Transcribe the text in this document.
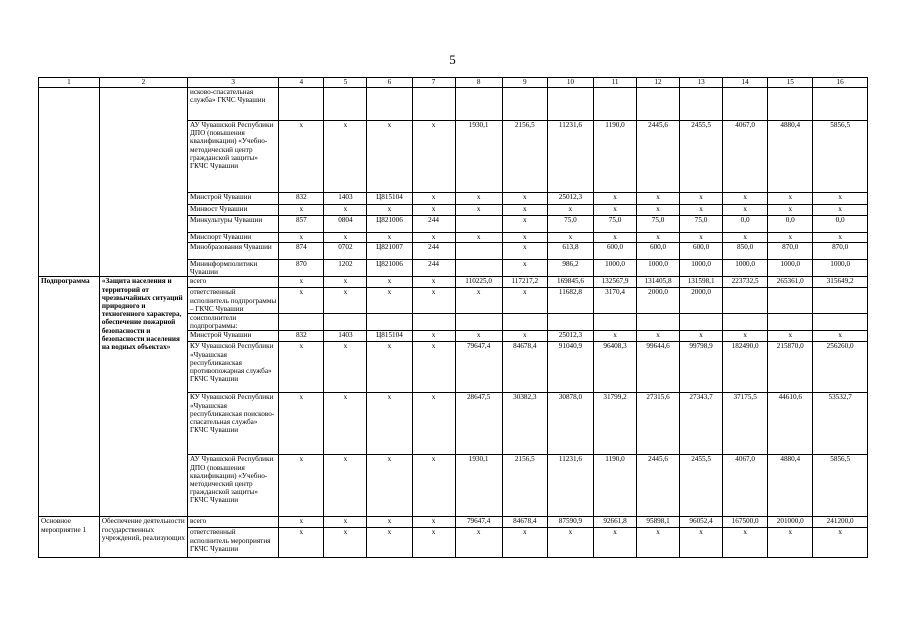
5
1	2	3	4	5	6	7	8	9	10	11	12	13	14	15	16
		исково-спасательная служба» ГКЧС Чувашии													
		АУ Чувашской Республики ДПО (повышения квалификации) «Учебно-методический центр гражданской защиты» ГКЧС Чувашии	х	х	х	х	1930,1	2156,5	11231,6	1190,0	2445,6	2455,5	4067,0	4880,4	5856,5
		Минстрой Чувашии	832	1403	Ц815104	х	х	х	25012,3	х	х	х	х	х	х
		Минвост Чувашии	х	х	х	х	х	х	х	х	х	х	х	х	х
		Минкультуры Чувашии	857	0804	Ц821006	244		х	75,0	75,0	75,0	75,0	0,0	0,0	0,0
		Минспорт Чувашии	х	х	х	х	х	х	х	х	х	х	х	х	х
		Минобразования Чувашии	874	0702	Ц821007	244		х	613,8	600,0	600,0	600,0	850,0	870,0	870,0
		Мининформполитики Чувашии	870	1202	Ц821006	244		х	986,2	1000,0	1000,0	1000,0	1000,0	1000,0	1000,0
Подпрограмма	«Защита населения и территорий от чрезвычайных ситуаций природного и техногенного характера, обеспечение пожарной безопасности и безопасности населения на водных объектах»	всего	х	х	х	х	110225,0	117217,2	169845,6	132567,9	131405,8	131598,1	223732,5	265361,0	315649,2
		ответственный исполнитель подпрограммы – ГКЧС Чувашии	х	х	х	х	х	х	11682,8	3170,4	2000,0	2000,0			
		соисполнители подпрограммы:													
		Минстрой Чувашии	832	1403	Ц815104	х	х	х	25012,3	х	х	х	х	х	х
		КУ Чувашской Республики «Чувашская республиканская противопожарная служба» ГКЧС Чувашии	х	х	х	х	79647,4	84678,4	91040,9	96408,3	99644,6	99798,9	182490,0	215870,0	256260,0
		КУ Чувашской Республики «Чувашская республиканская поисково-спасательная служба» ГКЧС Чувашии	х	х	х	х	28647,5	30382,3	30878,0	31799,2	27315,6	27343,7	37175,5	44610,6	53532,7
		АУ Чувашской Республики ДПО (повышения квалификации) «Учебно-методический центр гражданской защиты» ГКЧС Чувашии	х	х	х	х	1930,1	2156,5	11231,6	1190,0	2445,6	2455,5	4067,0	4880,4	5856,5
Основное мероприятие 1	Обеспечение деятельности государственных учреждений, реализующих	всего	х	х	х	х	79647,4	84678,4	87590,9	92661,8	95898,1	96052,4	167500,0	201000,0	241200,0
		ответственный исполнитель мероприятия ГКЧС Чувашии	х	х	х	х	х	х	х	х	х	х	х	х	х
